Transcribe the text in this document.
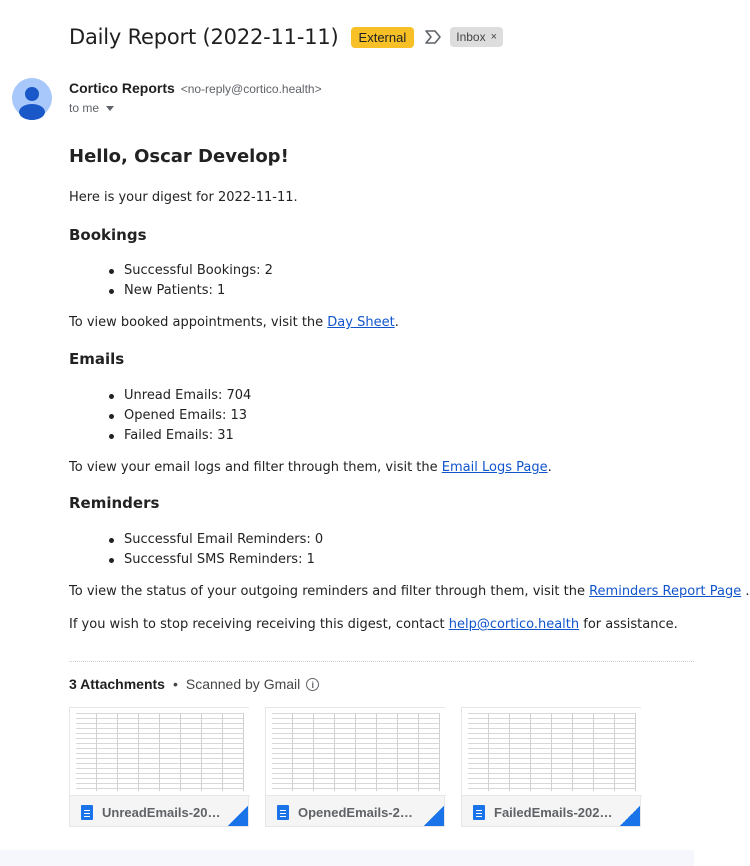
Daily Report (2022-11-11)	External	Inbox ×
Cortico Reports <no-reply@cortico.health>
to me
Hello, Oscar Develop!
Here is your digest for 2022-11-11.
Bookings
Successful Bookings: 2
New Patients: 1
To view booked appointments, visit the Day Sheet.
Emails
Unread Emails: 704
Opened Emails: 13
Failed Emails: 31
To view your email logs and filter through them, visit the Email Logs Page.
Reminders
Successful Email Reminders: 0
Successful SMS Reminders: 1
To view the status of your outgoing reminders and filter through them, visit the Reminders Report Page .
If you wish to stop receiving receiving this digest, contact help@cortico.health for assistance.
3 Attachments • Scanned by Gmail	i
UnreadEmails-20…	OpenedEmails-2…	FailedEmails-202…
